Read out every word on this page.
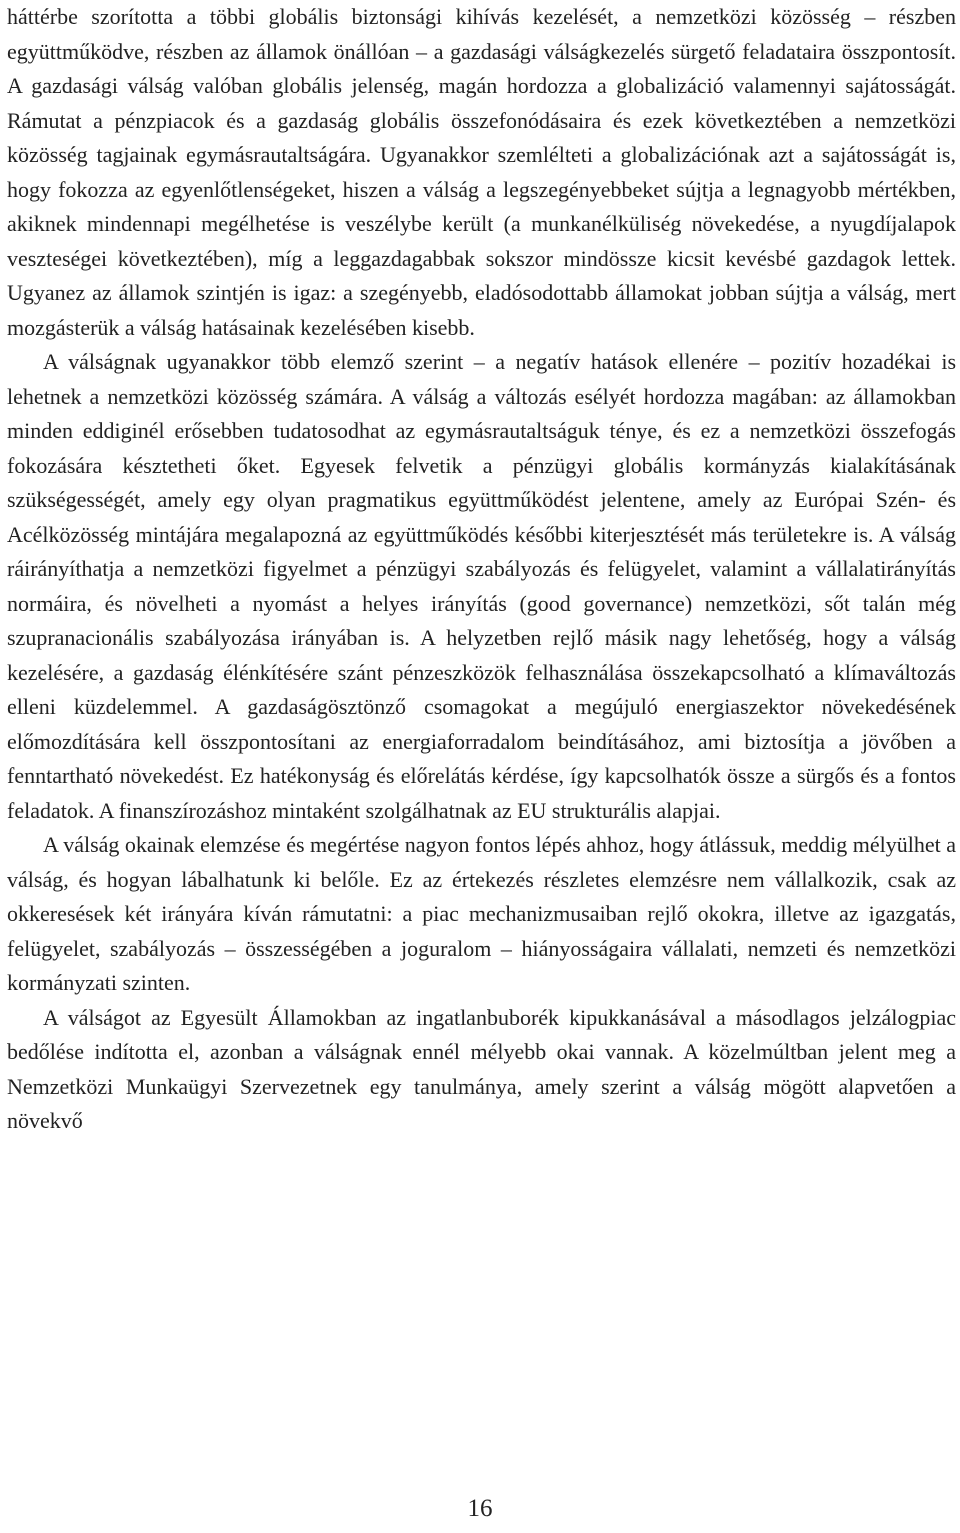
háttérbe szorította a többi globális biztonsági kihívás kezelését, a nemzetközi közösség – részben együttműködve, részben az államok önállóan – a gazdasági válságkezelés sürgető feladataira összpontosít. A gazdasági válság valóban globális jelenség, magán hordozza a globalizáció valamennyi sajátosságát. Rámutat a pénzpiacok és a gazdaság globális összefonódásaira és ezek következtében a nemzetközi közösség tagjainak egymásrautaltságára. Ugyanakkor szemlélteti a globalizációnak azt a sajátosságát is, hogy fokozza az egyenlőtlenségeket, hiszen a válság a legszegényebbeket sújtja a legnagyobb mértékben, akiknek mindennapi megélhetése is veszélybe került (a munkanélküliség növekedése, a nyugdíjalapok veszteségei következtében), míg a leggazdagabbak sokszor mindössze kicsit kevésbé gazdagok lettek. Ugyanez az államok szintjén is igaz: a szegényebb, eladósodottabb államokat jobban sújtja a válság, mert mozgásterük a válság hatásainak kezelésében kisebb.

A válságnak ugyanakkor több elemző szerint – a negatív hatások ellenére – pozitív hozadékai is lehetnek a nemzetközi közösség számára. A válság a változás esélyét hordozza magában: az államokban minden eddiginél erősebben tudatosodhat az egymásrautaltságuk ténye, és ez a nemzetközi összefogás fokozására késztetheti őket. Egyesek felvetik a pénzügyi globális kormányzás kialakításának szükségességét, amely egy olyan pragmatikus együttműködést jelentene, amely az Európai Szén- és Acélközösség mintájára megalapozná az együttműködés későbbi kiterjesztését más területekre is. A válság ráirányíthatja a nemzetközi figyelmet a pénzügyi szabályozás és felügyelet, valamint a vállalatirányítás normáira, és növelheti a nyomást a helyes irányítás (good governance) nemzetközi, sőt talán még szupranacionális szabályozása irányában is. A helyzetben rejlő másik nagy lehetőség, hogy a válság kezelésére, a gazdaság élénkítésére szánt pénzeszközök felhasználása összekapcsolható a klímaváltozás elleni küzdelemmel. A gazdaságösztönző csomagokat a megújuló energiaszektor növekedésének előmozdítására kell összpontosítani az energiaforradalom beindításához, ami biztosítja a jövőben a fenntartható növekedést. Ez hatékonyság és előrelátás kérdése, így kapcsolhatók össze a sürgős és a fontos feladatok. A finanszírozáshoz mintaként szolgálhatnak az EU strukturális alapjai.

A válság okainak elemzése és megértése nagyon fontos lépés ahhoz, hogy átlássuk, meddig mélyülhet a válság, és hogyan lábalhatunk ki belőle. Ez az értekezés részletes elemzésre nem vállalkozik, csak az okkeresések két irányára kíván rámutatni: a piac mechanizmusaiban rejlő okokra, illetve az igazgatás, felügyelet, szabályozás – összességében a joguralom – hiányosságaira vállalati, nemzeti és nemzetközi kormányzati szinten.

A válságot az Egyesült Államokban az ingatlanbuborék kipukkanásával a másodlagos jelzálogpiac bedőlése indította el, azonban a válságnak ennél mélyebb okai vannak. A közelmúltban jelent meg a Nemzetközi Munkaügyi Szervezetnek egy tanulmánya, amely szerint a válság mögött alapvetően a növekvő

16
